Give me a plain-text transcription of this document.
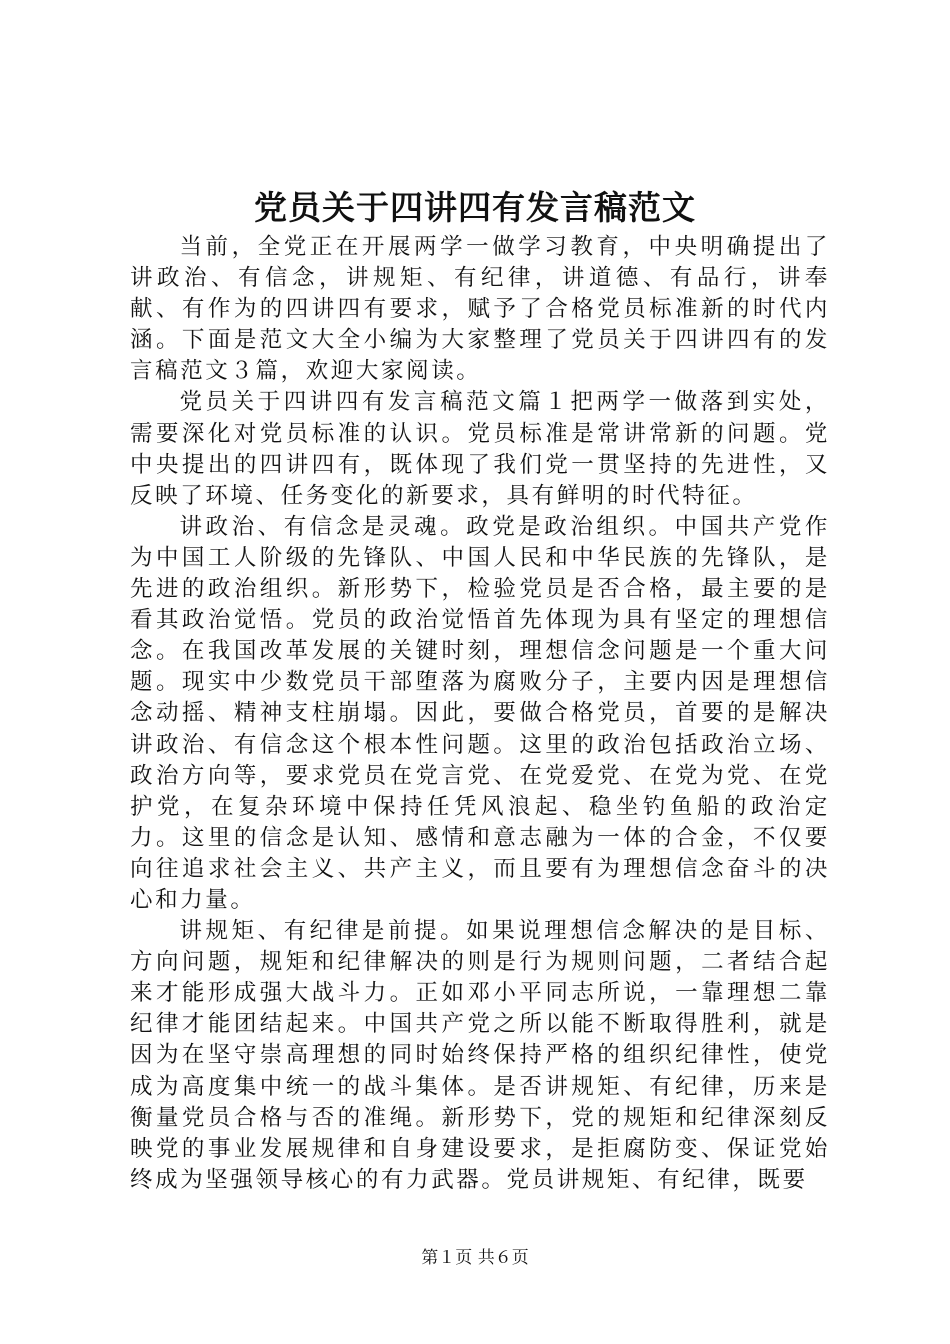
党员关于四讲四有发言稿范文

当前，全党正在开展两学一做学习教育，中央明确提出了讲政治、有信念，讲规矩、有纪律，讲道德、有品行，讲奉献、有作为的四讲四有要求，赋予了合格党员标准新的时代内涵。下面是范文大全小编为大家整理了党员关于四讲四有的发言稿范文３篇，欢迎大家阅读。

党员关于四讲四有发言稿范文篇１把两学一做落到实处，需要深化对党员标准的认识。党员标准是常讲常新的问题。党中央提出的四讲四有，既体现了我们党一贯坚持的先进性，又反映了环境、任务变化的新要求，具有鲜明的时代特征。

讲政治、有信念是灵魂。政党是政治组织。中国共产党作为中国工人阶级的先锋队、中国人民和中华民族的先锋队，是先进的政治组织。新形势下，检验党员是否合格，最主要的是看其政治觉悟。党员的政治觉悟首先体现为具有坚定的理想信念。在我国改革发展的关键时刻，理想信念问题是一个重大问题。现实中少数党员干部堕落为腐败分子，主要内因是理想信念动摇、精神支柱崩塌。因此，要做合格党员，首要的是解决讲政治、有信念这个根本性问题。这里的政治包括政治立场、政治方向等，要求党员在党言党、在党爱党、在党为党、在党护党，在复杂环境中保持任凭风浪起、稳坐钓鱼船的政治定力。这里的信念是认知、感情和意志融为一体的合金，不仅要向往追求社会主义、共产主义，而且要有为理想信念奋斗的决心和力量。

讲规矩、有纪律是前提。如果说理想信念解决的是目标、方向问题，规矩和纪律解决的则是行为规则问题，二者结合起来才能形成强大战斗力。正如邓小平同志所说，一靠理想二靠纪律才能团结起来。中国共产党之所以能不断取得胜利，就是因为在坚守崇高理想的同时始终保持严格的组织纪律性，使党成为高度集中统一的战斗集体。是否讲规矩、有纪律，历来是衡量党员合格与否的准绳。新形势下，党的规矩和纪律深刻反映党的事业发展规律和自身建设要求，是拒腐防变、保证党始终成为坚强领导核心的有力武器。党员讲规矩、有纪律，既要

第１页 共６页
